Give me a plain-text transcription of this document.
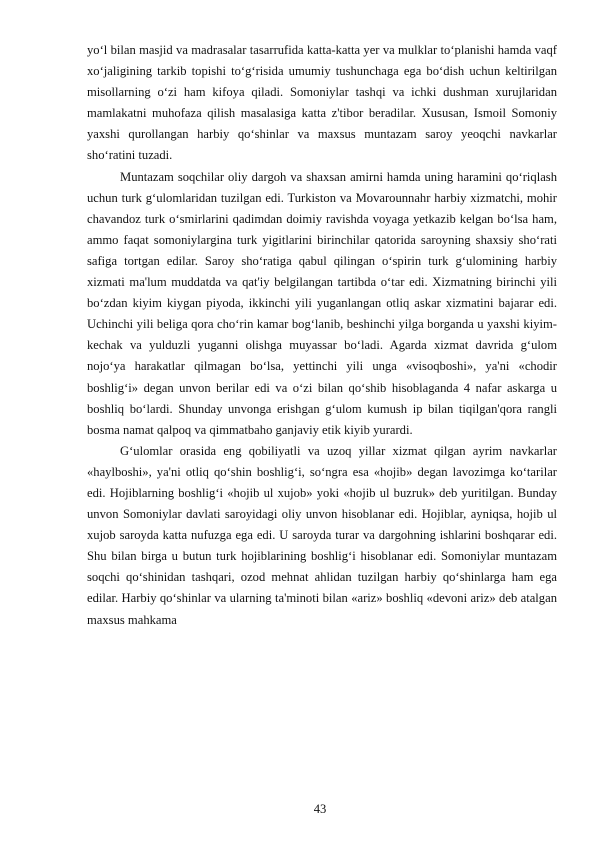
yo‘l bilan masjid va madrasalar tasarrufida katta-katta yer va mulklar to‘planishi hamda vaqf xo‘jaligining tarkib topishi to‘g‘risida umumiy tushunchaga ega bo‘dish uchun keltirilgan misollarning o‘zi ham kifoya qiladi. Somoniylar tashqi va ichki dushman xurujlaridan mamlakatni muhofaza qilish masalasiga katta z'tibor beradilar. Xususan, Ismoil Somoniy yaxshi qurollangan harbiy qo‘shinlar va maxsus muntazam saroy yeoqchi navkarlar sho‘ratini tuzadi.

Muntazam soqchilar oliy dargoh va shaxsan amirni hamda uning haramini qo‘riqlash uchun turk g‘ulomlaridan tuzilgan edi. Turkiston va Movarounnahr harbiy xizmatchi, mohir chavandoz turk o‘smirlarini qadimdan doimiy ravishda voyaga yetkazib kelgan bo‘lsa ham, ammo faqat somoniylargina turk yigitlarini birinchilar qatorida saroyning shaxsiy sho‘rati safiga tortgan edilar. Saroy sho‘ratiga qabul qilingan o‘spirin turk g‘ulomining harbiy xizmati ma'lum muddatda va qat'iy belgilangan tartibda o‘tar edi. Xizmatning birinchi yili bo‘zdan kiyim kiygan piyoda, ikkinchi yili yuganlangan otliq askar xizmatini bajarar edi. Uchinchi yili beliga qora cho‘rin kamar bog‘lanib, beshinchi yilga borganda u yaxshi kiyim-kechak va yulduzli yuganni olishga muyassar bo‘ladi. Agarda xizmat davrida g‘ulom nojo‘ya harakatlar qilmagan bo‘lsa, yettinchi yili unga «visoqboshi», ya'ni «chodir boshlig‘i» degan unvon berilar edi va o‘zi bilan qo‘shib hisoblaganda 4 nafar askarga u boshliq bo‘lardi. Shunday unvonga erishgan g‘ulom kumush ip bilan tiqilgan'qora rangli bosma namat qalpoq va qimmatbaho ganjaviy etik kiyib yurardi.

G‘ulomlar orasida eng qobiliyatli va uzoq yillar xizmat qilgan ayrim navkarlar «haylboshi», ya'ni otliq qo‘shin boshlig‘i, so‘ngra esa «hojib» degan lavozimga ko‘tarilar edi. Hojiblarning boshlig‘i «hojib ul xujob» yoki «hojib ul buzruk» deb yuritilgan. Bunday unvon Somoniylar davlati saroyidagi oliy unvon hisoblanar edi. Hojiblar, ayniqsa, hojib ul xujob saroyda katta nufuzga ega edi. U saroyda turar va dargohning ishlarini boshqarar edi. Shu bilan birga u butun turk hojiblarining boshlig‘i hisoblanar edi. Somoniylar muntazam soqchi qo‘shinidan tashqari, ozod mehnat ahlidan tuzilgan harbiy qo‘shinlarga ham ega edilar. Harbiy qo‘shinlar va ularning ta'minoti bilan «ariz» boshliq «devoni ariz» deb atalgan maxsus mahkama

43
